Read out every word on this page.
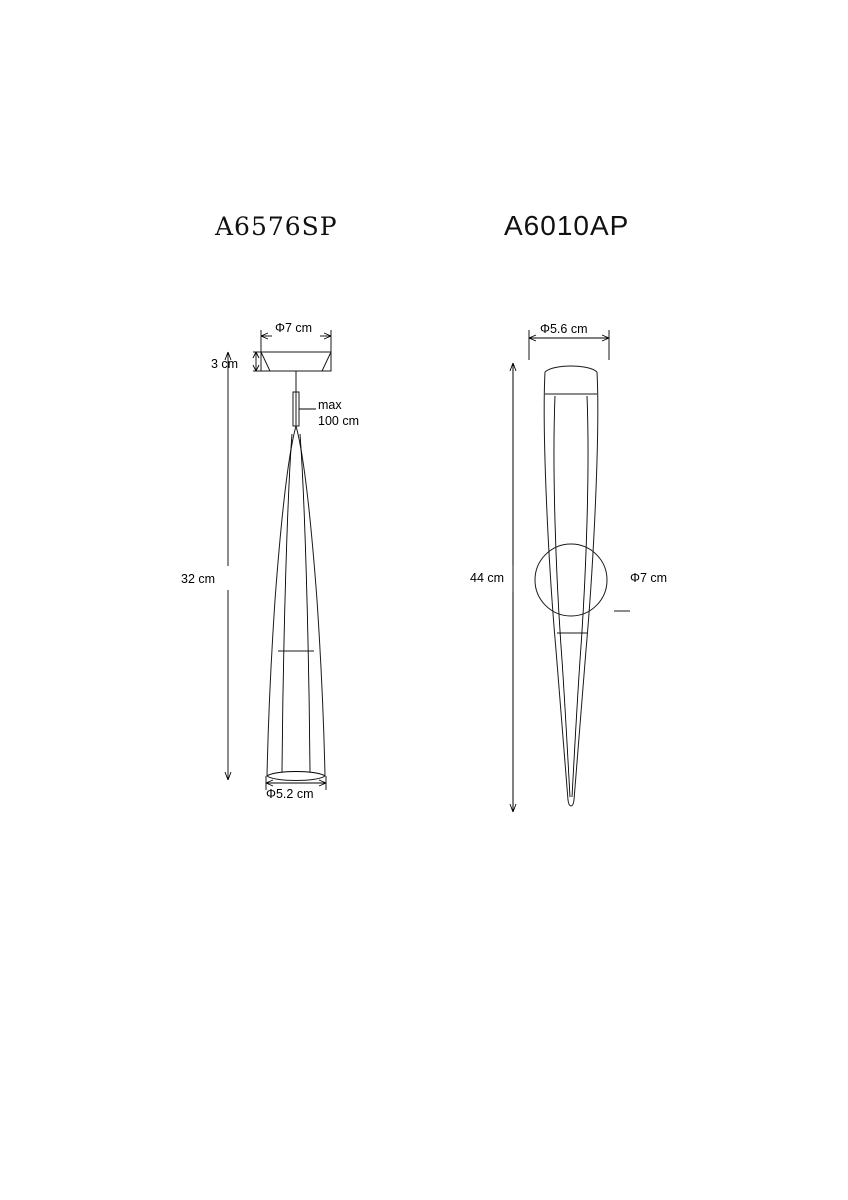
A6576SP	A6010AP
Φ7 cm
3 cm
max
100 cm
32 cm
Φ5.2 cm
Φ5.6 cm
44 cm	Φ7 cm
